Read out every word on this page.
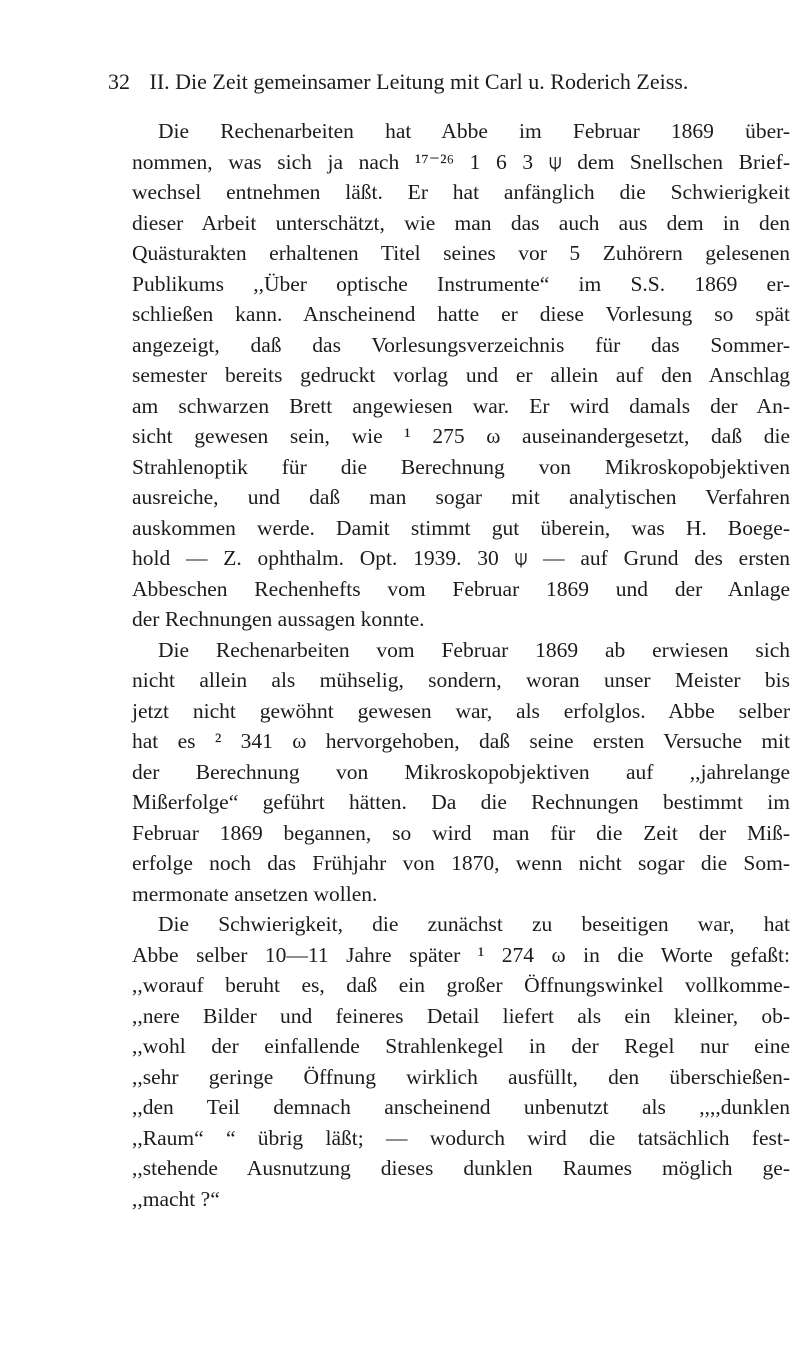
32 II. Die Zeit gemeinsamer Leitung mit Carl u. Roderich Zeiss.
Die Rechenarbeiten hat Abbe im Februar 1869 über-
nommen, was sich ja nach ¹⁷⁻²⁶ 1 6 3 ⍦ dem Snellschen Brief-
wechsel entnehmen läßt. Er hat anfänglich die Schwierigkeit
dieser Arbeit unterschätzt, wie man das auch aus dem in den
Quästurakten erhaltenen Titel seines vor 5 Zuhörern gelesenen
Publikums ,,Über optische Instrumente“ im S.S. 1869 er-
schließen kann. Anscheinend hatte er diese Vorlesung so spät
angezeigt, daß das Vorlesungsverzeichnis für das Sommer-
semester bereits gedruckt vorlag und er allein auf den Anschlag
am schwarzen Brett angewiesen war. Er wird damals der An-
sicht gewesen sein, wie ¹ 275 ω auseinandergesetzt, daß die
Strahlenoptik für die Berechnung von Mikroskopobjektiven
ausreiche, und daß man sogar mit analytischen Verfahren
auskommen werde. Damit stimmt gut überein, was H. Boege-
hold — Z. ophthalm. Opt. 1939. 30 ⍦ — auf Grund des ersten
Abbeschen Rechenhefts vom Februar 1869 und der Anlage
der Rechnungen aussagen konnte.
Die Rechenarbeiten vom Februar 1869 ab erwiesen sich
nicht allein als mühselig, sondern, woran unser Meister bis
jetzt nicht gewöhnt gewesen war, als erfolglos. Abbe selber
hat es ² 341 ω hervorgehoben, daß seine ersten Versuche mit
der Berechnung von Mikroskopobjektiven auf ,,jahrelange
Mißerfolge“ geführt hätten. Da die Rechnungen bestimmt im
Februar 1869 begannen, so wird man für die Zeit der Miß-
erfolge noch das Frühjahr von 1870, wenn nicht sogar die Som-
mermonate ansetzen wollen.
Die Schwierigkeit, die zunächst zu beseitigen war, hat
Abbe selber 10—11 Jahre später ¹ 274 ω in die Worte gefaßt:
,,worauf beruht es, daß ein großer Öffnungswinkel vollkomme-
,,nere Bilder und feineres Detail liefert als ein kleiner, ob-
,,wohl der einfallende Strahlenkegel in der Regel nur eine
,,sehr geringe Öffnung wirklich ausfüllt, den überschießen-
,,den Teil demnach anscheinend unbenutzt als ,,,,dunklen
,,Raum“ “ übrig läßt; — wodurch wird die tatsächlich fest-
,,stehende Ausnutzung dieses dunklen Raumes möglich ge-
,,macht ?“
